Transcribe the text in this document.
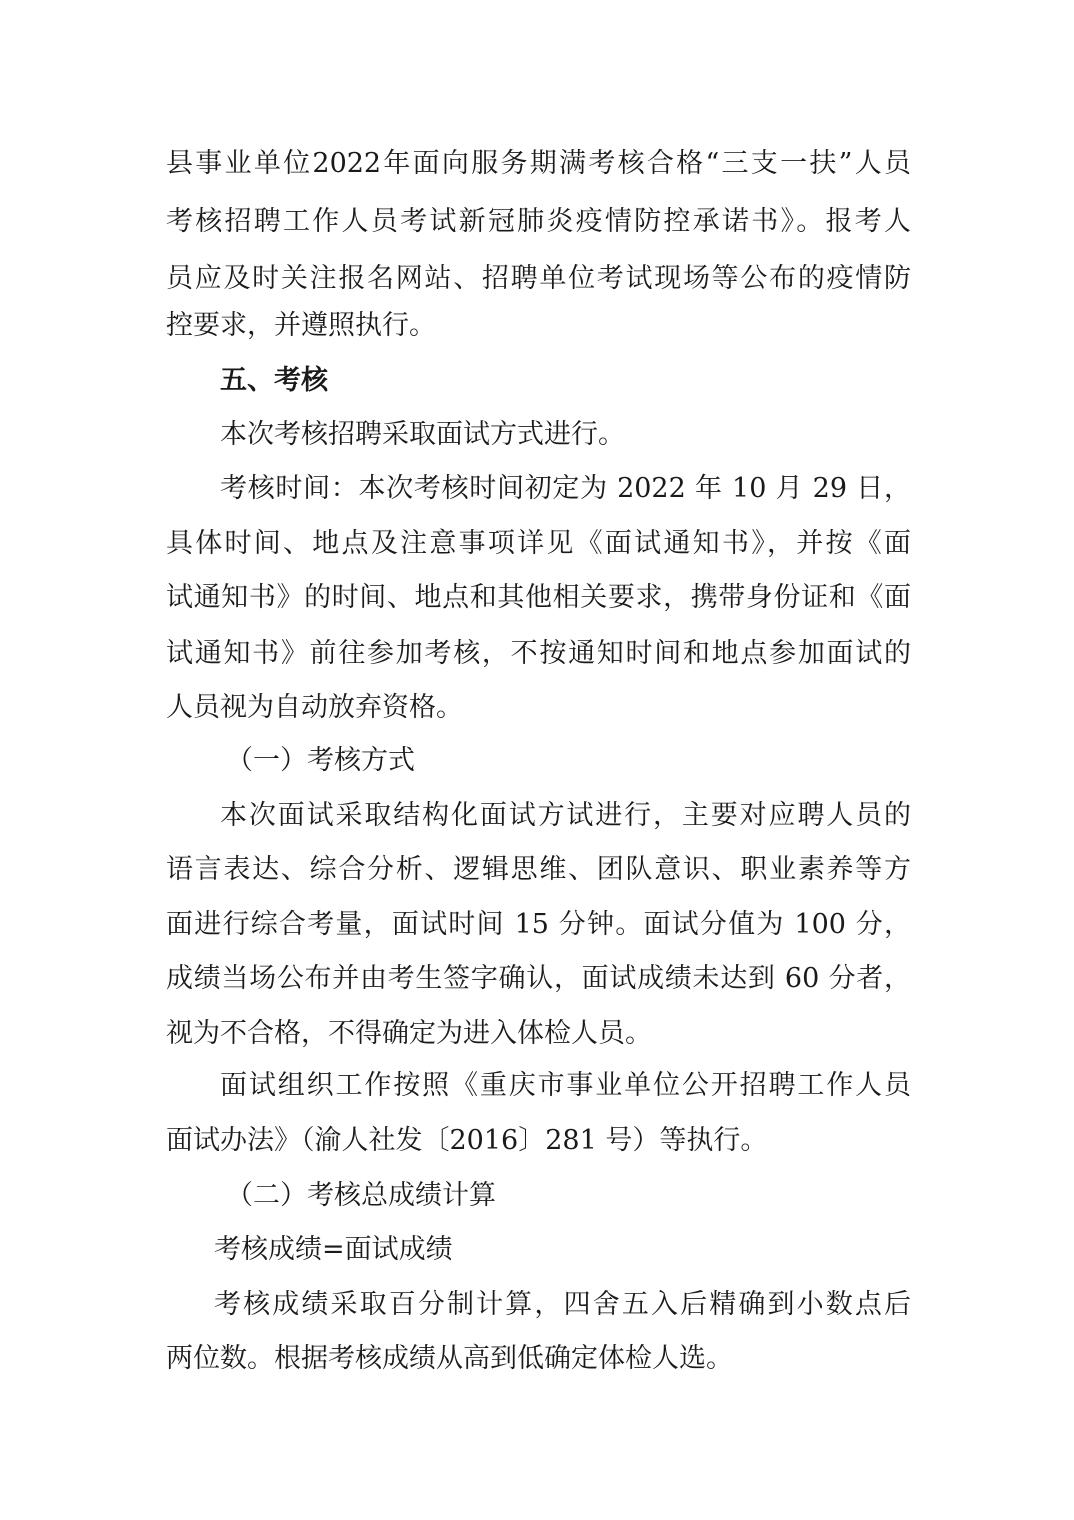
县事业单位2022年面向服务期满考核合格“三支一扶”人员
考核招聘工作人员考试新冠肺炎疫情防控承诺书》。报考人
员应及时关注报名网站、招聘单位考试现场等公布的疫情防
控要求，并遵照执行。
五、考核
本次考核招聘采取面试方式进行。
考核时间：本次考核时间初定为 2022 年 10 月 29 日，
具体时间、地点及注意事项详见《面试通知书》，并按《面
试通知书》的时间、地点和其他相关要求，携带身份证和《面
试通知书》前往参加考核，不按通知时间和地点参加面试的
人员视为自动放弃资格。
（一）考核方式
本次面试采取结构化面试方试进行，主要对应聘人员的
语言表达、综合分析、逻辑思维、团队意识、职业素养等方
面进行综合考量，面试时间 15 分钟。面试分值为 100 分，
成绩当场公布并由考生签字确认，面试成绩未达到 60 分者，
视为不合格，不得确定为进入体检人员。
面试组织工作按照《重庆市事业单位公开招聘工作人员
面试办法》（渝人社发〔2016〕281 号）等执行。
（二）考核总成绩计算
考核成绩=面试成绩
考核成绩采取百分制计算，四舍五入后精确到小数点后
两位数。根据考核成绩从高到低确定体检人选。
